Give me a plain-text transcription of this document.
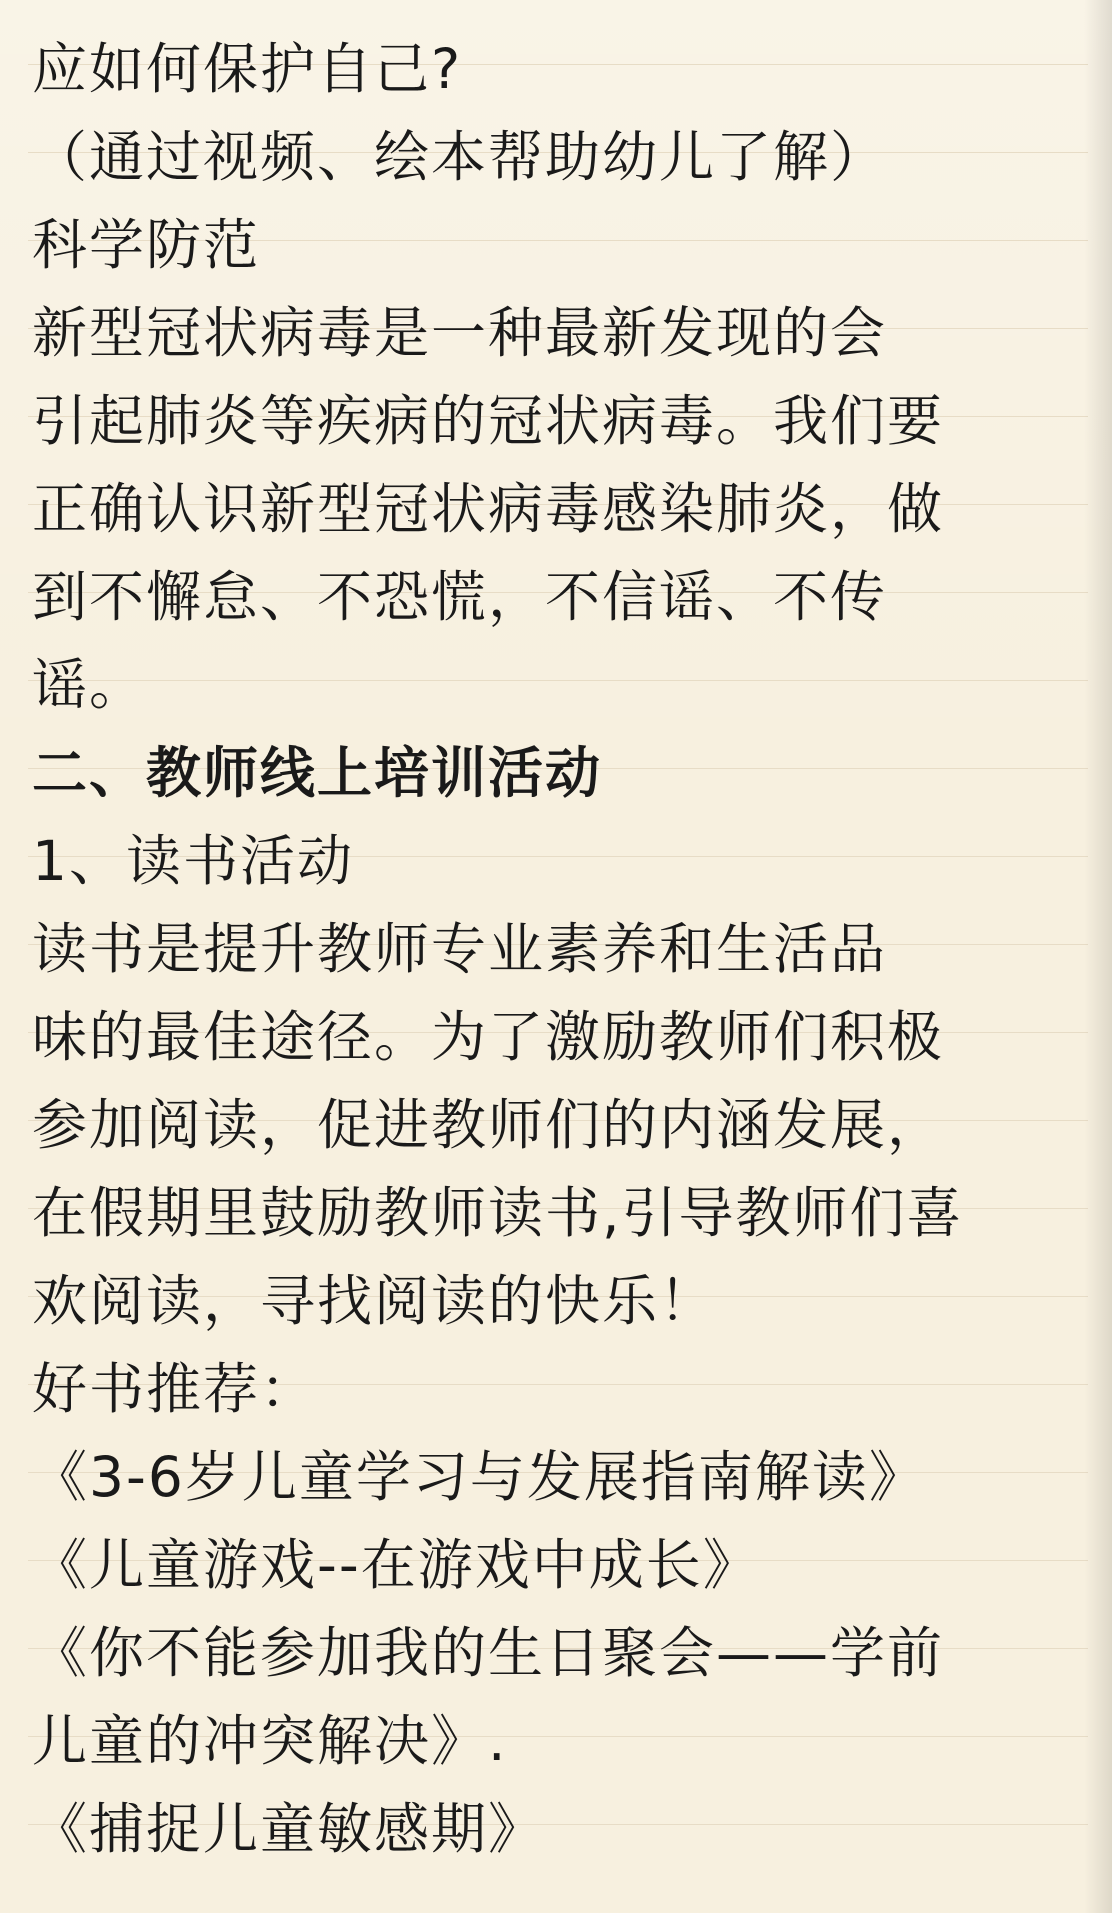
应如何保护自己?
（通过视频、绘本帮助幼儿了解）
科学防范
新型冠状病毒是一种最新发现的会
引起肺炎等疾病的冠状病毒。我们要
正确认识新型冠状病毒感染肺炎，做
到不懈怠、不恐慌，不信谣、不传
谣。
二、教师线上培训活动
1、读书活动
读书是提升教师专业素养和生活品
味的最佳途径。为了激励教师们积极
参加阅读，促进教师们的内涵发展，
在假期里鼓励教师读书,引导教师们喜
欢阅读，寻找阅读的快乐！
好书推荐：
《3-6岁儿童学习与发展指南解读》
《儿童游戏--在游戏中成长》
《你不能参加我的生日聚会——学前
儿童的冲突解决》.
《捕捉儿童敏感期》
